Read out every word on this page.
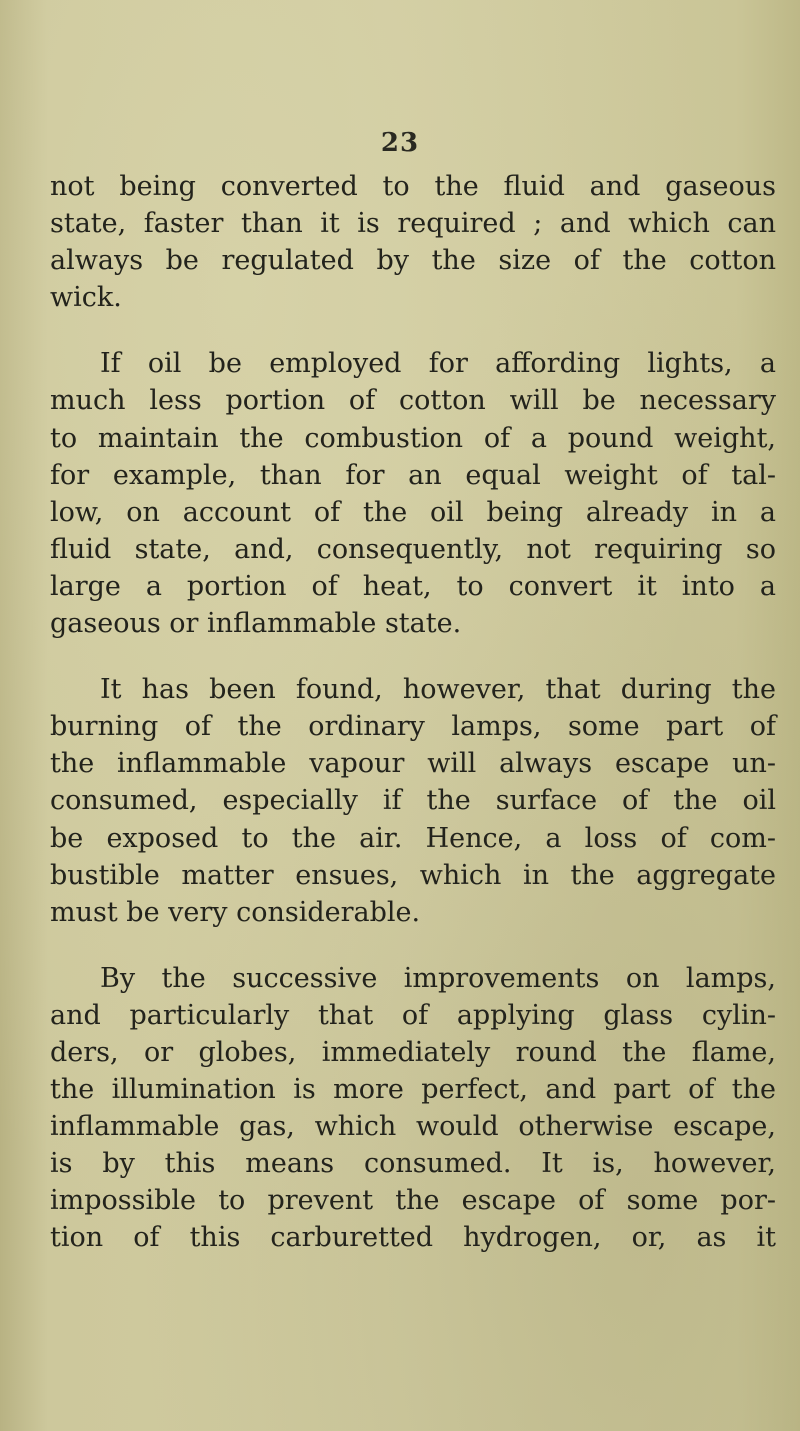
23

not being converted to the fluid and gaseous
state, faster than it is required ; and which can
always be regulated by the size of the cotton
wick.

If oil be employed for affording lights, a
much less portion of cotton will be necessary
to maintain the combustion of a pound weight,
for example, than for an equal weight of tal-
low, on account of the oil being already in a
fluid state, and, consequently, not requiring so
large a portion of heat, to convert it into a
gaseous or inflammable state.

It has been found, however, that during the
burning of the ordinary lamps, some part of
the inflammable vapour will always escape un-
consumed, especially if the surface of the oil
be exposed to the air. Hence, a loss of com-
bustible matter ensues, which in the aggregate
must be very considerable.

By the successive improvements on lamps,
and particularly that of applying glass cylin-
ders, or globes, immediately round the flame,
the illumination is more perfect, and part of the
inflammable gas, which would otherwise escape,
is by this means consumed. It is, however,
impossible to prevent the escape of some por-
tion of this carburetted hydrogen, or, as it
